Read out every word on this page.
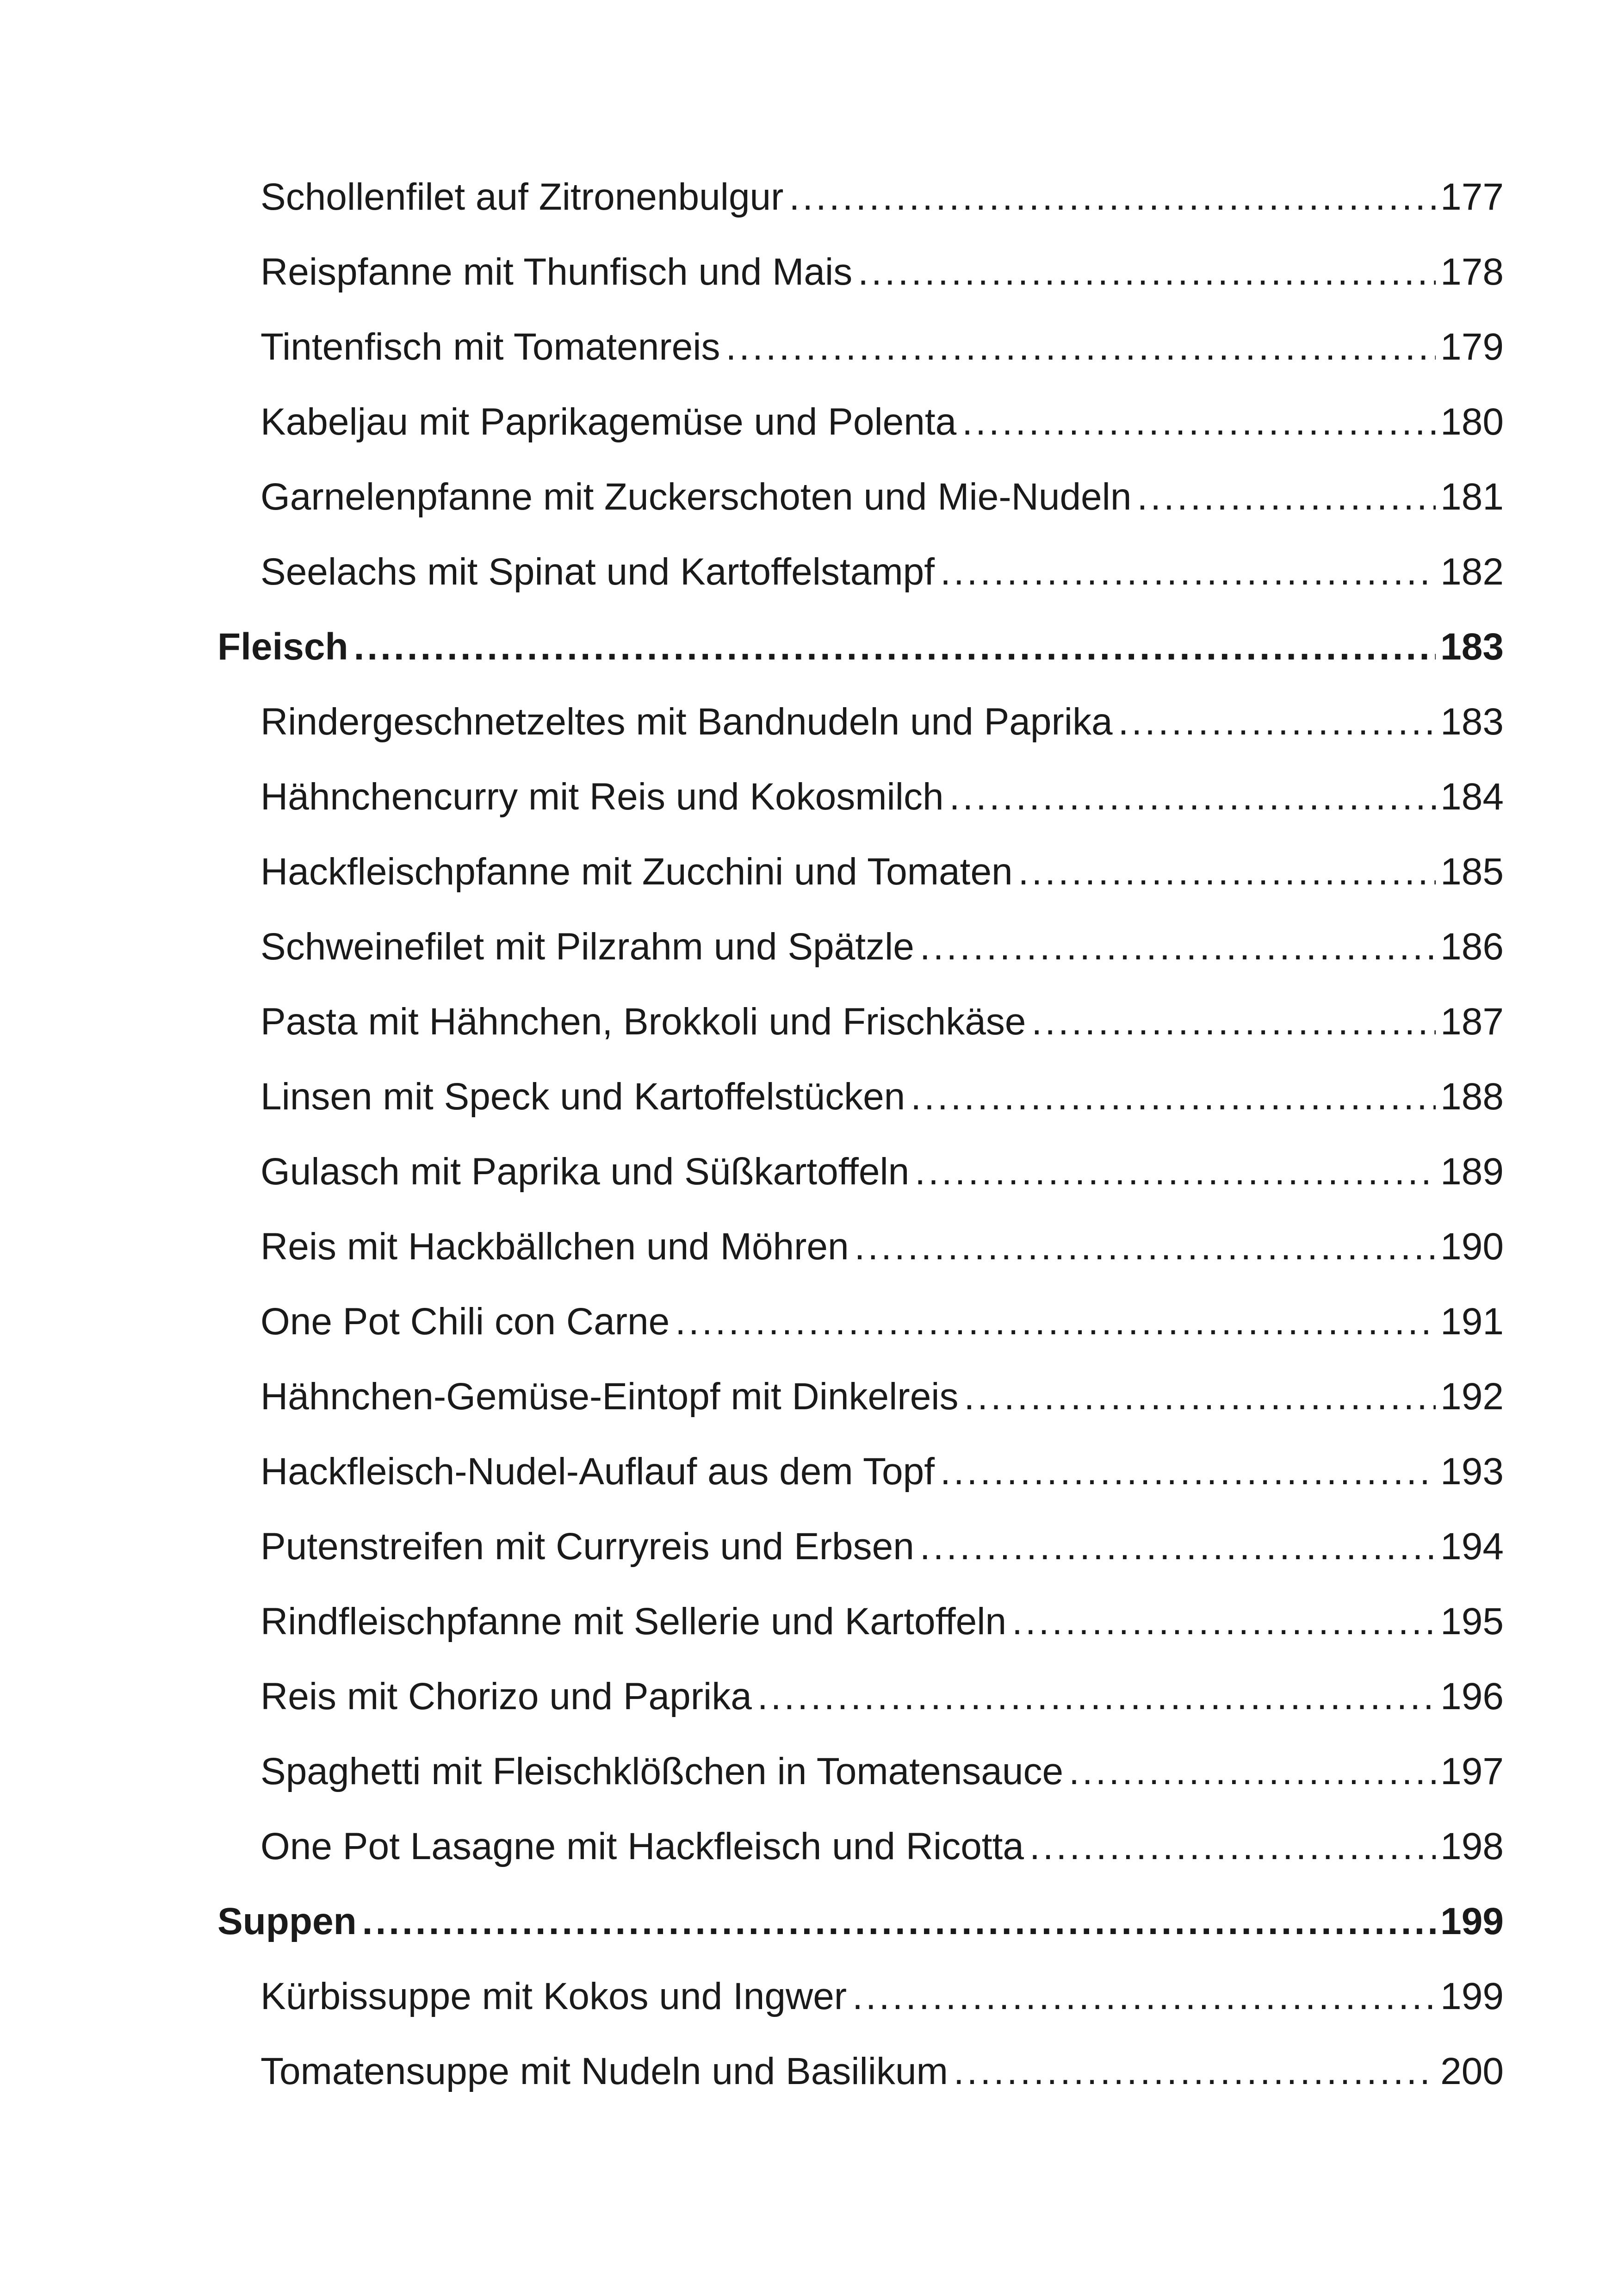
Schollenfilet auf Zitronenbulgur .....	177
Reispfanne mit Thunfisch und Mais .....	178
Tintenfisch mit Tomatenreis .....	179
Kabeljau mit Paprikagemüse und Polenta .....	180
Garnelenpfanne mit Zuckerschoten und Mie-Nudeln .....	181
Seelachs mit Spinat und Kartoffelstampf .....	182
Fleisch .....	183
Rindergeschnetzeltes mit Bandnudeln und Paprika .....	183
Hähnchencurry mit Reis und Kokosmilch .....	184
Hackfleischpfanne mit Zucchini und Tomaten .....	185
Schweinefilet mit Pilzrahm und Spätzle .....	186
Pasta mit Hähnchen, Brokkoli und Frischkäse .....	187
Linsen mit Speck und Kartoffelstücken .....	188
Gulasch mit Paprika und Süßkartoffeln .....	189
Reis mit Hackbällchen und Möhren .....	190
One Pot Chili con Carne .....	191
Hähnchen-Gemüse-Eintopf mit Dinkelreis .....	192
Hackfleisch-Nudel-Auflauf aus dem Topf .....	193
Putenstreifen mit Curryreis und Erbsen .....	194
Rindfleischpfanne mit Sellerie und Kartoffeln .....	195
Reis mit Chorizo und Paprika .....	196
Spaghetti mit Fleischklößchen in Tomatensauce .....	197
One Pot Lasagne mit Hackfleisch und Ricotta .....	198
Suppen .....	199
Kürbissuppe mit Kokos und Ingwer .....	199
Tomatensuppe mit Nudeln und Basilikum .....	200
